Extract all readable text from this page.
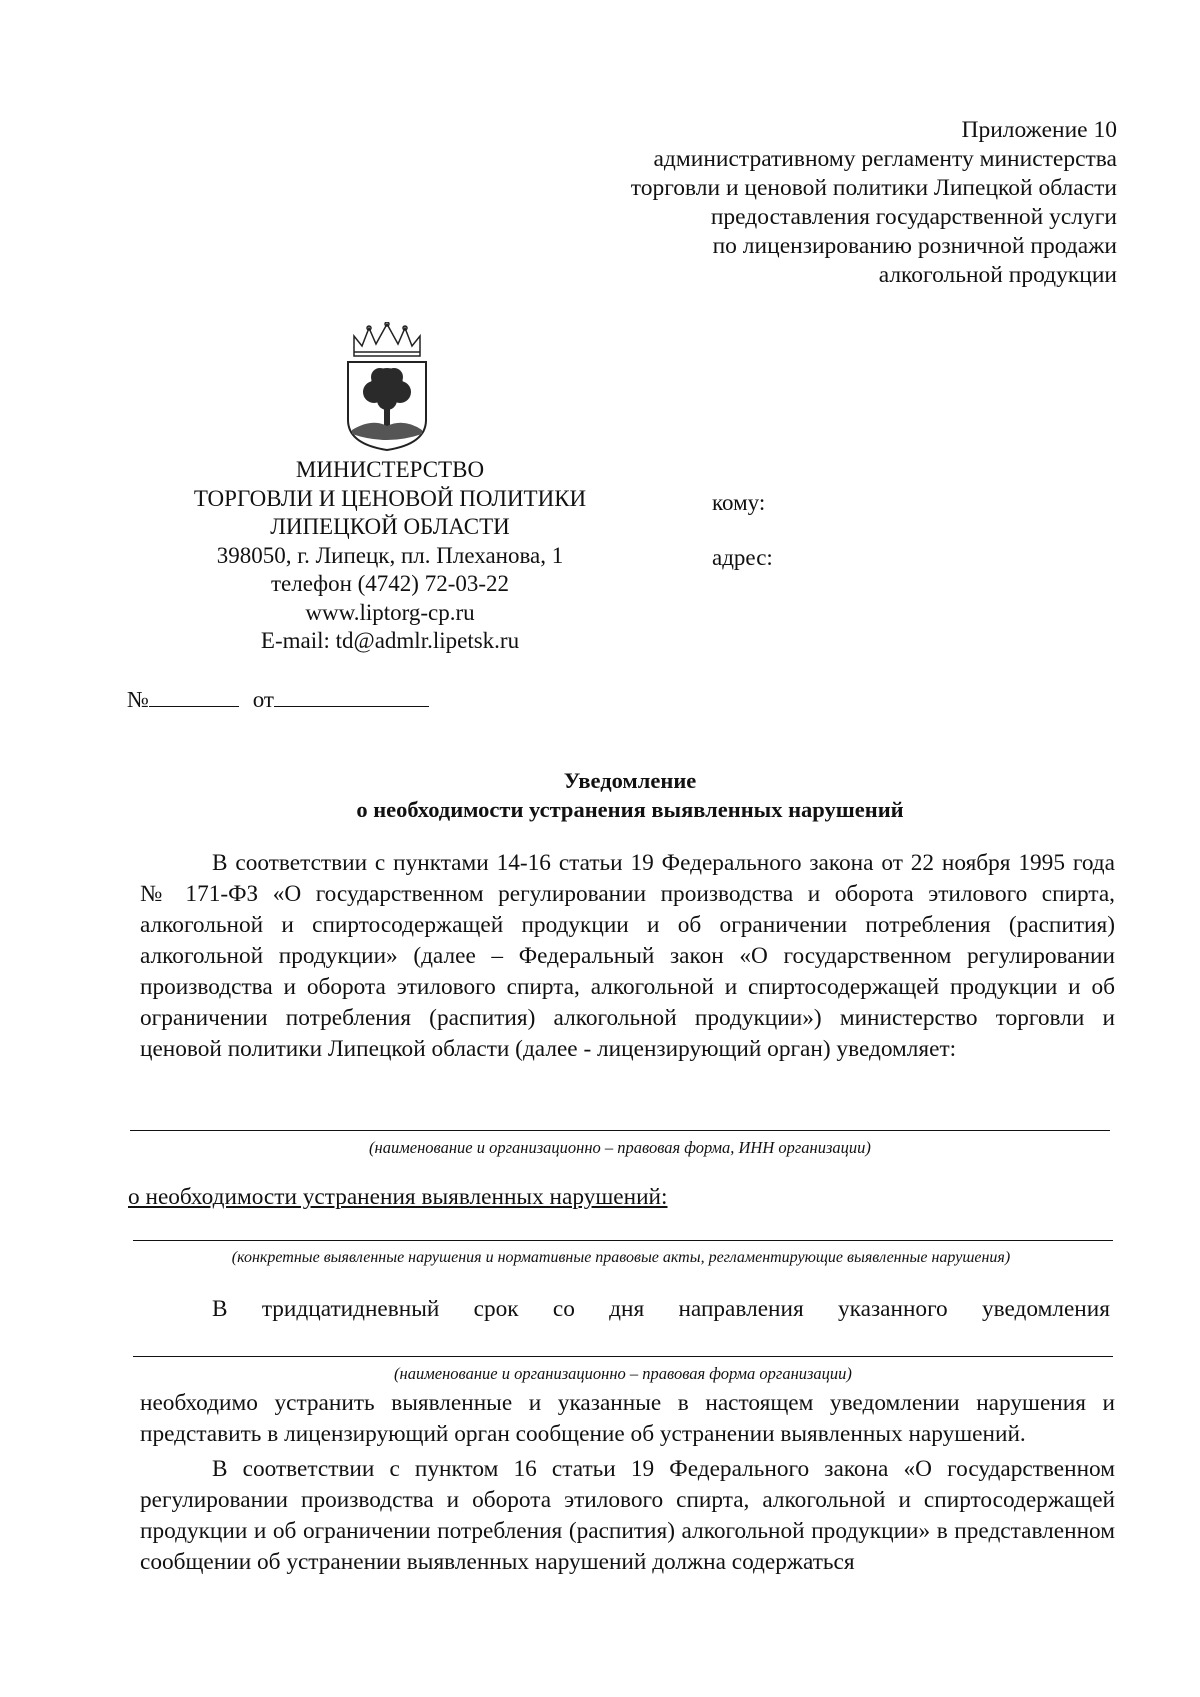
Приложение 10
административному регламенту министерства
торговли и ценовой политики Липецкой области
предоставления государственной услуги
по лицензированию розничной продажи
алкогольной продукции
МИНИСТЕРСТВО
ТОРГОВЛИ И ЦЕНОВОЙ ПОЛИТИКИ
ЛИПЕЦКОЙ ОБЛАСТИ
398050, г. Липецк, пл. Плеханова, 1
телефон (4742) 72-03-22
www.liptorg-cp.ru
E-mail: td@admlr.lipetsk.ru
кому:
адрес:
№	от
Уведомление
о необходимости устранения выявленных нарушений
В соответствии с пунктами 14-16 статьи 19 Федерального закона от 22 ноября 1995 года № 171-ФЗ «О государственном регулировании производства и оборота этилового спирта, алкогольной и спиртосодержащей продукции и об ограничении потребления (распития) алкогольной продукции» (далее – Федеральный закон «О государственном регулировании производства и оборота этилового спирта, алкогольной и спиртосодержащей продукции и об ограничении потребления (распития) алкогольной продукции») министерство торговли и ценовой политики Липецкой области (далее - лицензирующий орган) уведомляет:
(наименование и организационно – правовая форма, ИНН организации)
о необходимости устранения выявленных нарушений:
(конкретные выявленные нарушения и нормативные правовые акты, регламентирующие выявленные нарушения)
В тридцатидневный срок со дня направления указанного уведомления
(наименование и организационно – правовая форма организации)
необходимо устранить выявленные и указанные в настоящем уведомлении нарушения и представить в лицензирующий орган сообщение об устранении выявленных нарушений.
В соответствии с пунктом 16 статьи 19 Федерального закона «О государственном регулировании производства и оборота этилового спирта, алкогольной и спиртосодержащей продукции и об ограничении потребления (распития) алкогольной продукции» в представленном сообщении об устранении выявленных нарушений должна содержаться
